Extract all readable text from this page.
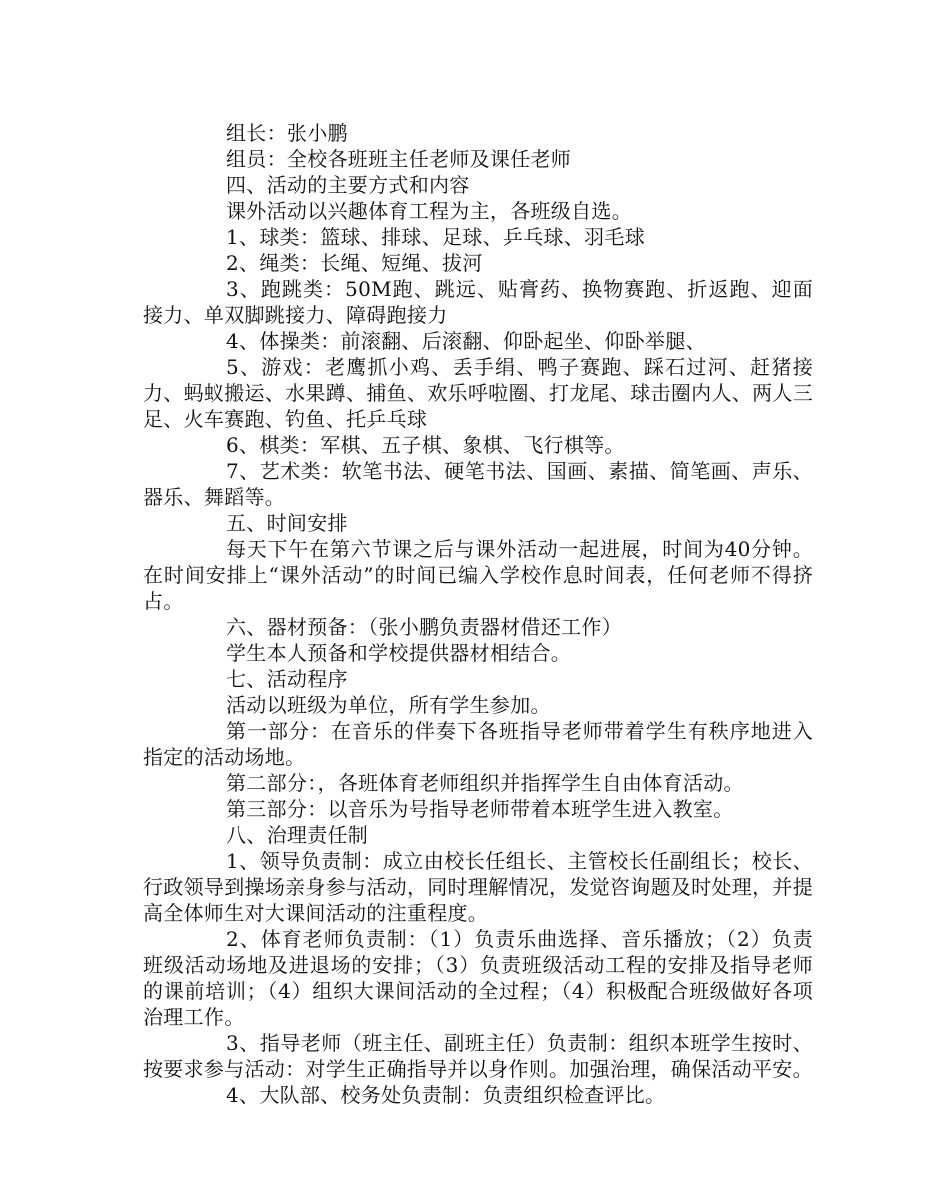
组长：张小鹏

组员：全校各班班主任老师及课任老师

四、活动的主要方式和内容

课外活动以兴趣体育工程为主，各班级自选。

1、球类：篮球、排球、足球、乒乓球、羽毛球

2、绳类：长绳、短绳、拔河

3、跑跳类：50M跑、跳远、贴膏药、换物赛跑、折返跑、迎面接力、单双脚跳接力、障碍跑接力

4、体操类：前滚翻、后滚翻、仰卧起坐、仰卧举腿、

5、游戏：老鹰抓小鸡、丢手绢、鸭子赛跑、踩石过河、赶猪接力、蚂蚁搬运、水果蹲、捕鱼、欢乐呼啦圈、打龙尾、球击圈内人、两人三足、火车赛跑、钓鱼、托乒乓球

6、棋类：军棋、五子棋、象棋、飞行棋等。

7、艺术类：软笔书法、硬笔书法、国画、素描、简笔画、声乐、器乐、舞蹈等。

五、时间安排

每天下午在第六节课之后与课外活动一起进展，时间为40分钟。在时间安排上“课外活动”的时间已编入学校作息时间表，任何老师不得挤占。

六、器材预备：（张小鹏负责器材借还工作）

学生本人预备和学校提供器材相结合。

七、活动程序

活动以班级为单位，所有学生参加。

第一部分：在音乐的伴奏下各班指导老师带着学生有秩序地进入指定的活动场地。

第二部分：，各班体育老师组织并指挥学生自由体育活动。

第三部分：以音乐为号指导老师带着本班学生进入教室。

八、治理责任制

1、领导负责制：成立由校长任组长、主管校长任副组长；校长、行政领导到操场亲身参与活动，同时理解情况，发觉咨询题及时处理，并提高全体师生对大课间活动的注重程度。

2、体育老师负责制：（1）负责乐曲选择、音乐播放；（2）负责班级活动场地及进退场的安排；（3）负责班级活动工程的安排及指导老师的课前培训；（4）组织大课间活动的全过程；（4）积极配合班级做好各项治理工作。

3、指导老师（班主任、副班主任）负责制：组织本班学生按时、按要求参与活动：对学生正确指导并以身作则。加强治理，确保活动平安。

4、大队部、校务处负责制：负责组织检查评比。
